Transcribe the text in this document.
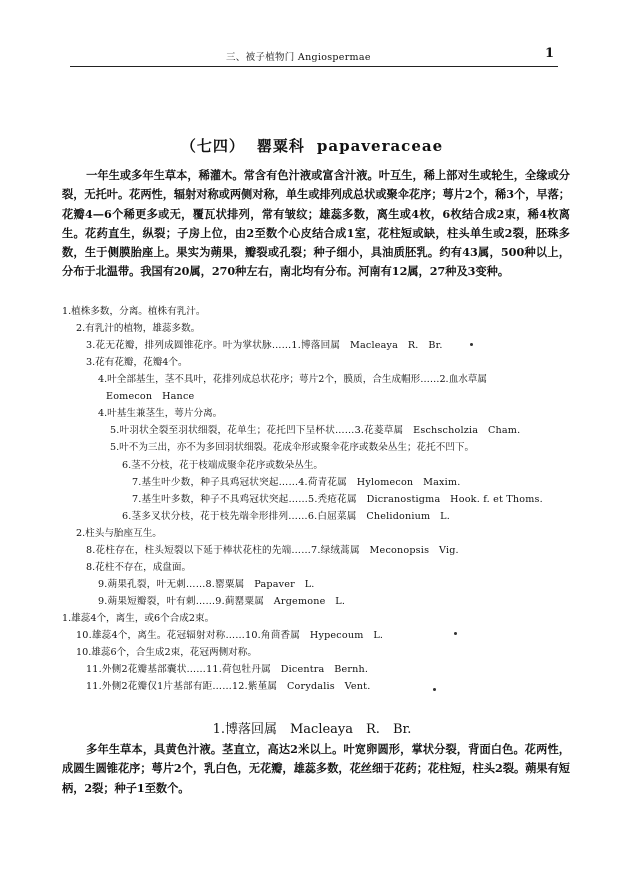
三、被子植物门 Angiospermae	1
（七四） 罂粟科 papaveraceae
一年生或多年生草本，稀灌木。常含有色汁液或富含汁液。叶互生，稀上部对生或轮生，全缘或分裂，无托叶。花两性，辐射对称或两侧对称，单生或排列成总状或聚伞花序；萼片2个，稀3个，早落；花瓣4—6个稀更多或无，覆瓦状排列，常有皱纹；雄蕊多数，离生或4枚，6枚结合成2束，稀4枚离生。花药直生，纵裂；子房上位，由2至数个心皮结合成1室，花柱短或缺，柱头单生或2裂，胚珠多数，生于侧膜胎座上。果实为蒴果，瓣裂或孔裂；种子细小，具油质胚乳。约有43属，500种以上，分布于北温带。我国有20属，270种左右，南北均有分布。河南有12属，27种及3变种。
1.植株多数，分离。植株有乳汁。
2.有乳汁的植物，雄蕊多数。
3.花无花瓣，排列成圆锥花序。叶为掌状脉……1.博落回属　Macleaya　R.　Br.
3.花有花瓣，花瓣4个。
4.叶全部基生，茎不具叶，花排列成总状花序；萼片2个，膜质，合生成帽形……2.血水草属
Eomecon　Hance
4.叶基生兼茎生，萼片分离。
5.叶羽状全裂至羽状细裂，花单生；花托凹下呈杯状……3.花菱草属　Eschscholzia　Cham.
5.叶不为三出，亦不为多回羽状细裂。花成伞形或聚伞花序或数朵丛生；花托不凹下。
6.茎不分枝，花于枝端成聚伞花序或数朵丛生。
7.基生叶少数，种子具鸡冠状突起……4.荷青花属　Hylomecon　Maxim.
7.基生叶多数，种子不具鸡冠状突起……5.秃疮花属　Dicranostigma　Hook. f. et Thoms.
6.茎多叉状分枝，花于枝先端伞形排列……6.白屈菜属　Chelidonium　L.
2.柱头与胎座互生。
8.花柱存在，柱头短裂以下延于棒状花柱的先端……7.绿绒蒿属　Meconopsis　Vig.
8.花柱不存在，成盘面。
9.蒴果孔裂，叶无刺……8.罂粟属　Papaver　L.
9.蒴果短瓣裂，叶有刺……9.蓟罂粟属　Argemone　L.
1.雄蕊4个，离生，或6个合成2束。
10.雄蕊4个，离生。花冠辐射对称……10.角茴香属　Hypecoum　L.
10.雄蕊6个，合生成2束，花冠两侧对称。
11.外侧2花瓣基部囊状……11.荷包牡丹属　Dicentra　Bernh.
11.外侧2花瓣仅1片基部有距……12.紫堇属　Corydalis　Vent.
1.博落回属　Macleaya　R.　Br.
多年生草本，具黄色汁液。茎直立，高达2米以上。叶宽卵圆形，掌状分裂，背面白色。花两性，成圆生圆锥花序；萼片2个，乳白色，无花瓣，雄蕊多数，花丝细于花药；花柱短，柱头2裂。蒴果有短柄，2裂；种子1至数个。
